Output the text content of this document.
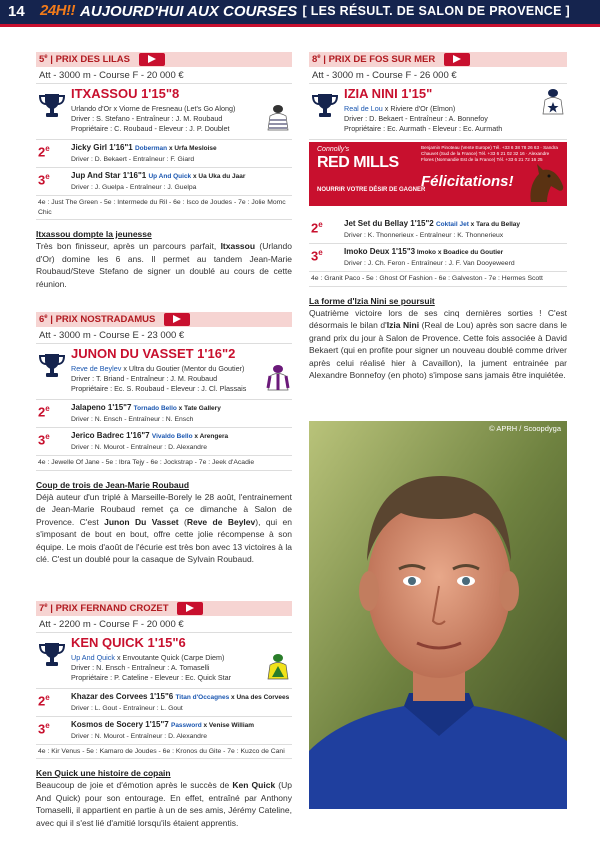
14 24H!! AUJOURD'HUI AUX COURSES [ LES RÉSULT. DE SALON DE PROVENCE ]
5e | PRIX DES LILAS
Att - 3000 m - Course F - 20 000 €
ITXASSOU 1'15"8
Urlando d'Or x Viorne de Fresneau (Let's Go Along)
Driver : S. Stefano - Entraîneur : J. M. Roubaud
Propriétaire : C. Roubaud - Eleveur : J. P. Doublet
2e	Jicky Girl 1'16"1 Doberman x Urfa Mesloise
Driver : D. Bekaert - Entraîneur : F. Giard
3e	Jup And Star 1'16"1 Up And Quick x Ua Uka du Jaar
Driver : J. Guelpa - Entraîneur : J. Guelpa
4e : Just The Green - 5e : Intermede du Ril - 6e : Isco de Joudes - 7e : Jolie Momc Chic
Itxassou dompte la jeunesse
Très bon finisseur, après un parcours parfait, Itxassou (Urlando d'Or) domine les 6 ans. Il permet au tandem Jean-Marie Roubaud/Steve Stefano de signer un doublé au cours de cette réunion.
6e | PRIX NOSTRADAMUS
Att - 3000 m - Course E - 23 000 €
JUNON DU VASSET 1'16"2
Reve de Beylev x Ultra du Goutier (Mentor du Goutier)
Driver : T. Briand - Entraîneur : J. M. Roubaud
Propriétaire : Ec. S. Roubaud - Eleveur : J. Cl. Plassais
2e	Jalapeno 1'15"7 Tornado Bello x Tate Gallery
Driver : N. Ensch - Entraîneur : N. Ensch
3e	Jerico Badrec 1'16"7 Vivaldo Bello x Arengera
Driver : N. Mourot - Entraîneur : D. Alexandre
4e : Jewelle Of Jane - 5e : Ibra Tejy - 6e : Jockstrap - 7e : Jeek d'Acadie
Coup de trois de Jean-Marie Roubaud
Déjà auteur d'un triplé à Marseille-Borely le 28 août, l'entrainement de Jean-Marie Roubaud remet ça ce dimanche à Salon de Provence. C'est Junon Du Vasset (Reve de Beylev), qui en s'imposant de bout en bout, offre cette jolie récompense à son équipe. Le mois d'août de l'écurie est très bon avec 13 victoires à la clé. C'est un doublé pour la casaque de Sylvain Roubaud.
7e | PRIX FERNAND CROZET
Att - 2200 m - Course F - 20 000 €
KEN QUICK 1'15"6
Up And Quick x Envoutante Quick (Carpe Diem)
Driver : N. Ensch - Entraîneur : A. Tomaselli
Propriétaire : P. Cateline - Eleveur : Ec. Quick Star
2e	Khazar des Corvees 1'15"6 Titan d'Occagnes x Una des Corvees
Driver : L. Gout - Entraîneur : L. Gout
3e	Kosmos de Socery 1'15"7 Password x Venise William
Driver : N. Mourot - Entraîneur : D. Alexandre
4e : Kir Venus - 5e : Kamaro de Joudes - 6e : Kronos du Gite - 7e : Kuzco de Cani
Ken Quick une histoire de copain
Beaucoup de joie et d'émotion après le succès de Ken Quick (Up And Quick) pour son entourage. En effet, entraîné par Anthony Tomaselli, il appartient en partie à un de ses amis, Jérémy Cateline, avec qui il s'est lié d'amitié lorsqu'ils étaient apprentis.
8e | PRIX DE FOS SUR MER
Att - 3000 m - Course F - 26 000 €
IZIA NINI 1'15"
Real de Lou x Riviere d'Or (Elmon)
Driver : D. Bekaert - Entraîneur : A. Bonnefoy
Propriétaire : Ec. Aurmath - Eleveur : Ec. Aurmath
Connolly's
RED MILLS
NOURRIR VOTRE DÉSIR DE GAGNER
Benjamin Pinoteau (Vente Europe) Tél. +33 6 38 78 26 63 · Sandra Chauvet (Sud de la France) Tél. +33 6 21 02 32 16 · Alexandre Flores (Normandie Est de la France) Tél. +33 6 21 72 16 25
Félicitations!
2e	Jet Set du Bellay 1'15"2 Coktail Jet x Tara du Bellay
Driver : K. Thonnerieux - Entraîneur : K. Thonnerieux
3e	Imoko Deux 1'15"3 Imoko x Boadice du Goutier
Driver : J. Ch. Feron - Entraîneur : J. F. Van Dooyeweerd
4e : Granit Paco - 5e : Ghost Of Fashion - 6e : Galveston - 7e : Hermes Scott
La forme d'Izia Nini se poursuit
Quatrième victoire lors de ses cinq dernières sorties ! C'est désormais le bilan d'Izia Nini (Real de Lou) après son sacre dans le grand prix du jour à Salon de Provence. Cette fois associée à David Bekaert (qui en profite pour signer un nouveau doublé comme driver après celui réalisé hier à Cavaillon), la jument entrainée par Alexandre Bonnefoy (en photo) s'impose sans jamais être inquiétée.
© APRH / Scoopdyga
